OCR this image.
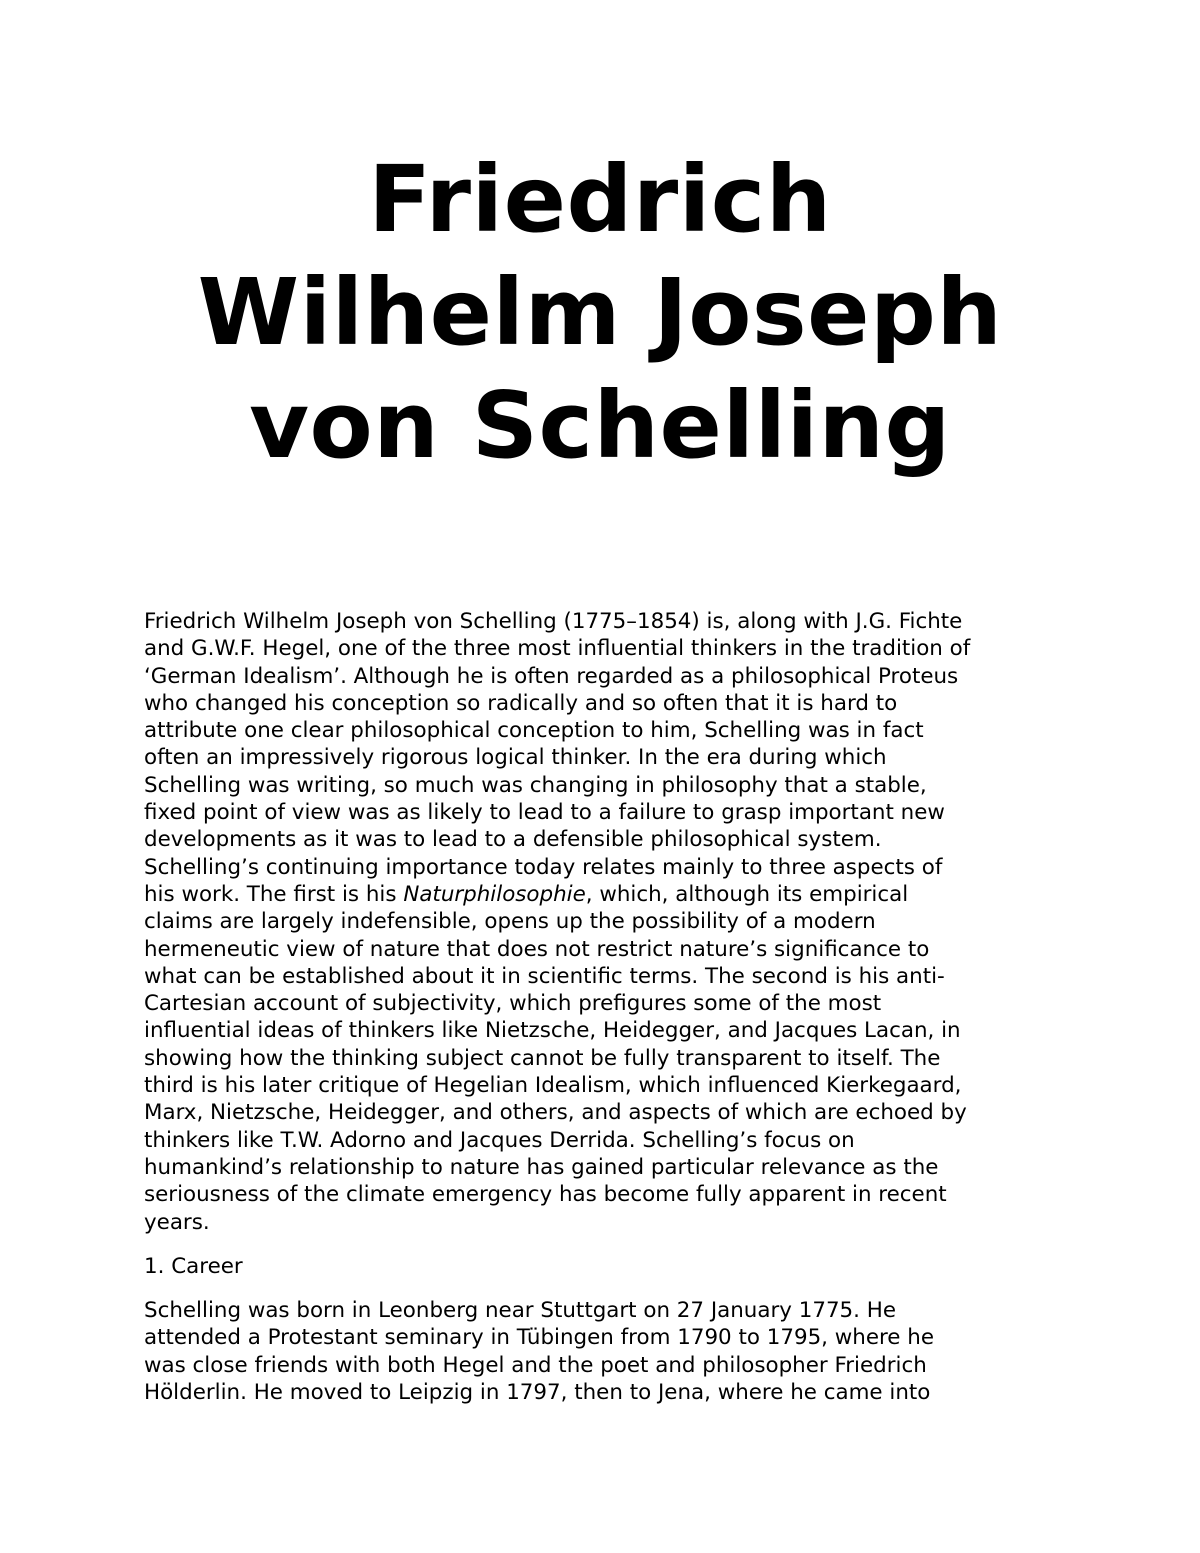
Friedrich
Wilhelm Joseph
von Schelling

Friedrich Wilhelm Joseph von Schelling (1775–1854) is, along with J.G. Fichte
and G.W.F. Hegel, one of the three most influential thinkers in the tradition of
‘German Idealism’. Although he is often regarded as a philosophical Proteus
who changed his conception so radically and so often that it is hard to
attribute one clear philosophical conception to him, Schelling was in fact
often an impressively rigorous logical thinker. In the era during which
Schelling was writing, so much was changing in philosophy that a stable,
fixed point of view was as likely to lead to a failure to grasp important new
developments as it was to lead to a defensible philosophical system.
Schelling’s continuing importance today relates mainly to three aspects of
his work. The first is his Naturphilosophie, which, although its empirical
claims are largely indefensible, opens up the possibility of a modern
hermeneutic view of nature that does not restrict nature’s significance to
what can be established about it in scientific terms. The second is his anti-
Cartesian account of subjectivity, which prefigures some of the most
influential ideas of thinkers like Nietzsche, Heidegger, and Jacques Lacan, in
showing how the thinking subject cannot be fully transparent to itself. The
third is his later critique of Hegelian Idealism, which influenced Kierkegaard,
Marx, Nietzsche, Heidegger, and others, and aspects of which are echoed by
thinkers like T.W. Adorno and Jacques Derrida. Schelling’s focus on
humankind’s relationship to nature has gained particular relevance as the
seriousness of the climate emergency has become fully apparent in recent
years.

1. Career

Schelling was born in Leonberg near Stuttgart on 27 January 1775. He
attended a Protestant seminary in Tübingen from 1790 to 1795, where he
was close friends with both Hegel and the poet and philosopher Friedrich
Hölderlin. He moved to Leipzig in 1797, then to Jena, where he came into
